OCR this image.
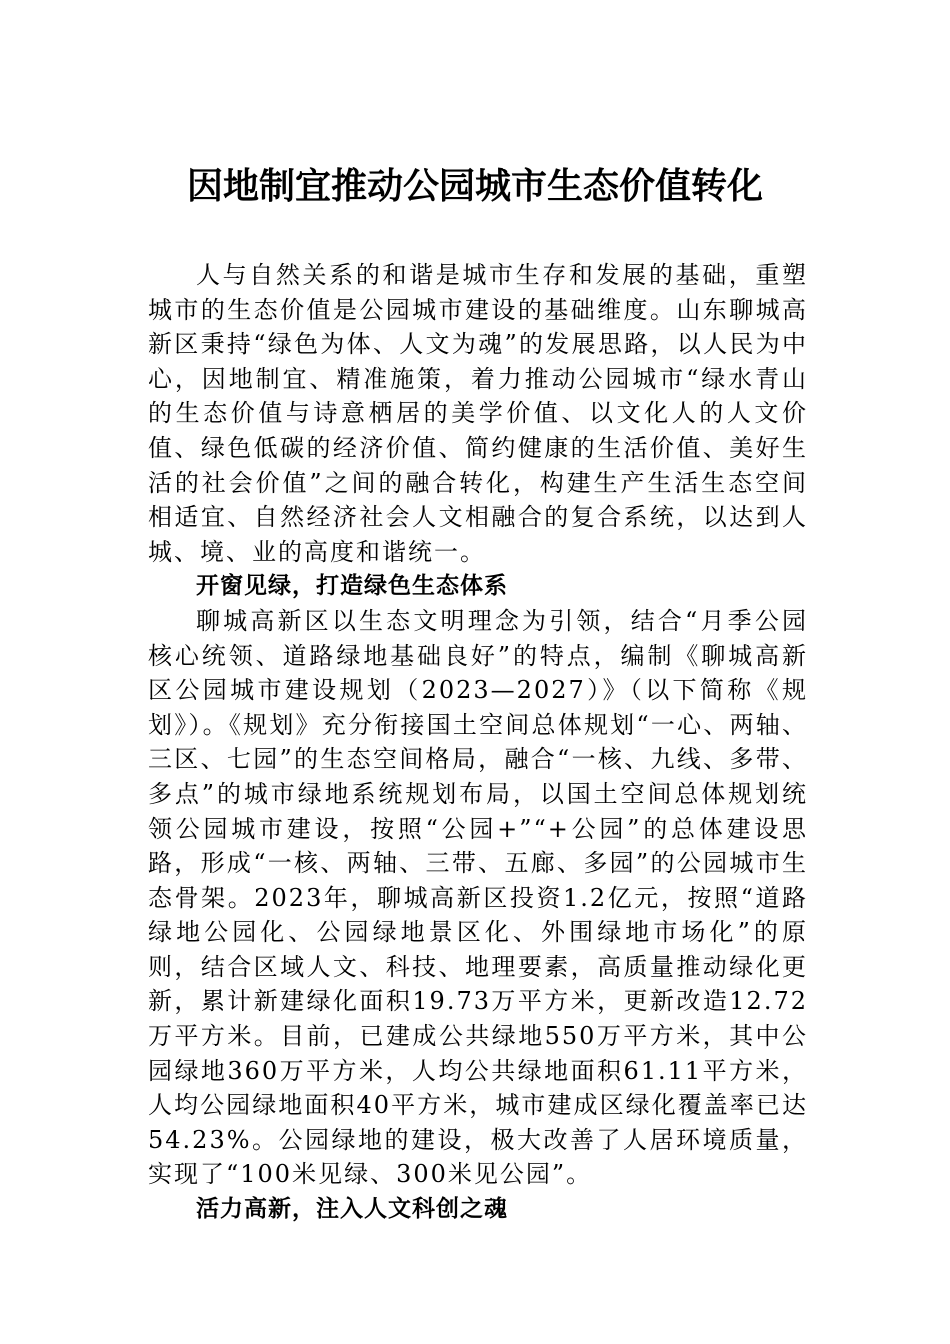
因地制宜推动公园城市生态价值转化

人与自然关系的和谐是城市生存和发展的基础，重塑城市的生态价值是公园城市建设的基础维度。山东聊城高新区秉持“绿色为体、人文为魂”的发展思路，以人民为中心，因地制宜、精准施策，着力推动公园城市“绿水青山的生态价值与诗意栖居的美学价值、以文化人的人文价值、绿色低碳的经济价值、简约健康的生活价值、美好生活的社会价值”之间的融合转化，构建生产生活生态空间相适宜、自然经济社会人文相融合的复合系统，以达到人城、境、业的高度和谐统一。

开窗见绿，打造绿色生态体系

聊城高新区以生态文明理念为引领，结合“月季公园核心统领、道路绿地基础良好”的特点，编制《聊城高新区公园城市建设规划（2023—2027）》（以下简称《规划》）。《规划》充分衔接国土空间总体规划“一心、两轴、三区、七园”的生态空间格局，融合“一核、九线、多带、多点”的城市绿地系统规划布局，以国土空间总体规划统领公园城市建设，按照“公园+”“+公园”的总体建设思路，形成“一核、两轴、三带、五廊、多园”的公园城市生态骨架。2023年，聊城高新区投资1.2亿元，按照“道路绿地公园化、公园绿地景区化、外围绿地市场化”的原则，结合区域人文、科技、地理要素，高质量推动绿化更新，累计新建绿化面积19.73万平方米，更新改造12.72万平方米。目前，已建成公共绿地550万平方米，其中公园绿地360万平方米，人均公共绿地面积61.11平方米，人均公园绿地面积40平方米，城市建成区绿化覆盖率已达54.23%。公园绿地的建设，极大改善了人居环境质量，实现了“100米见绿、300米见公园”。

活力高新，注入人文科创之魂
